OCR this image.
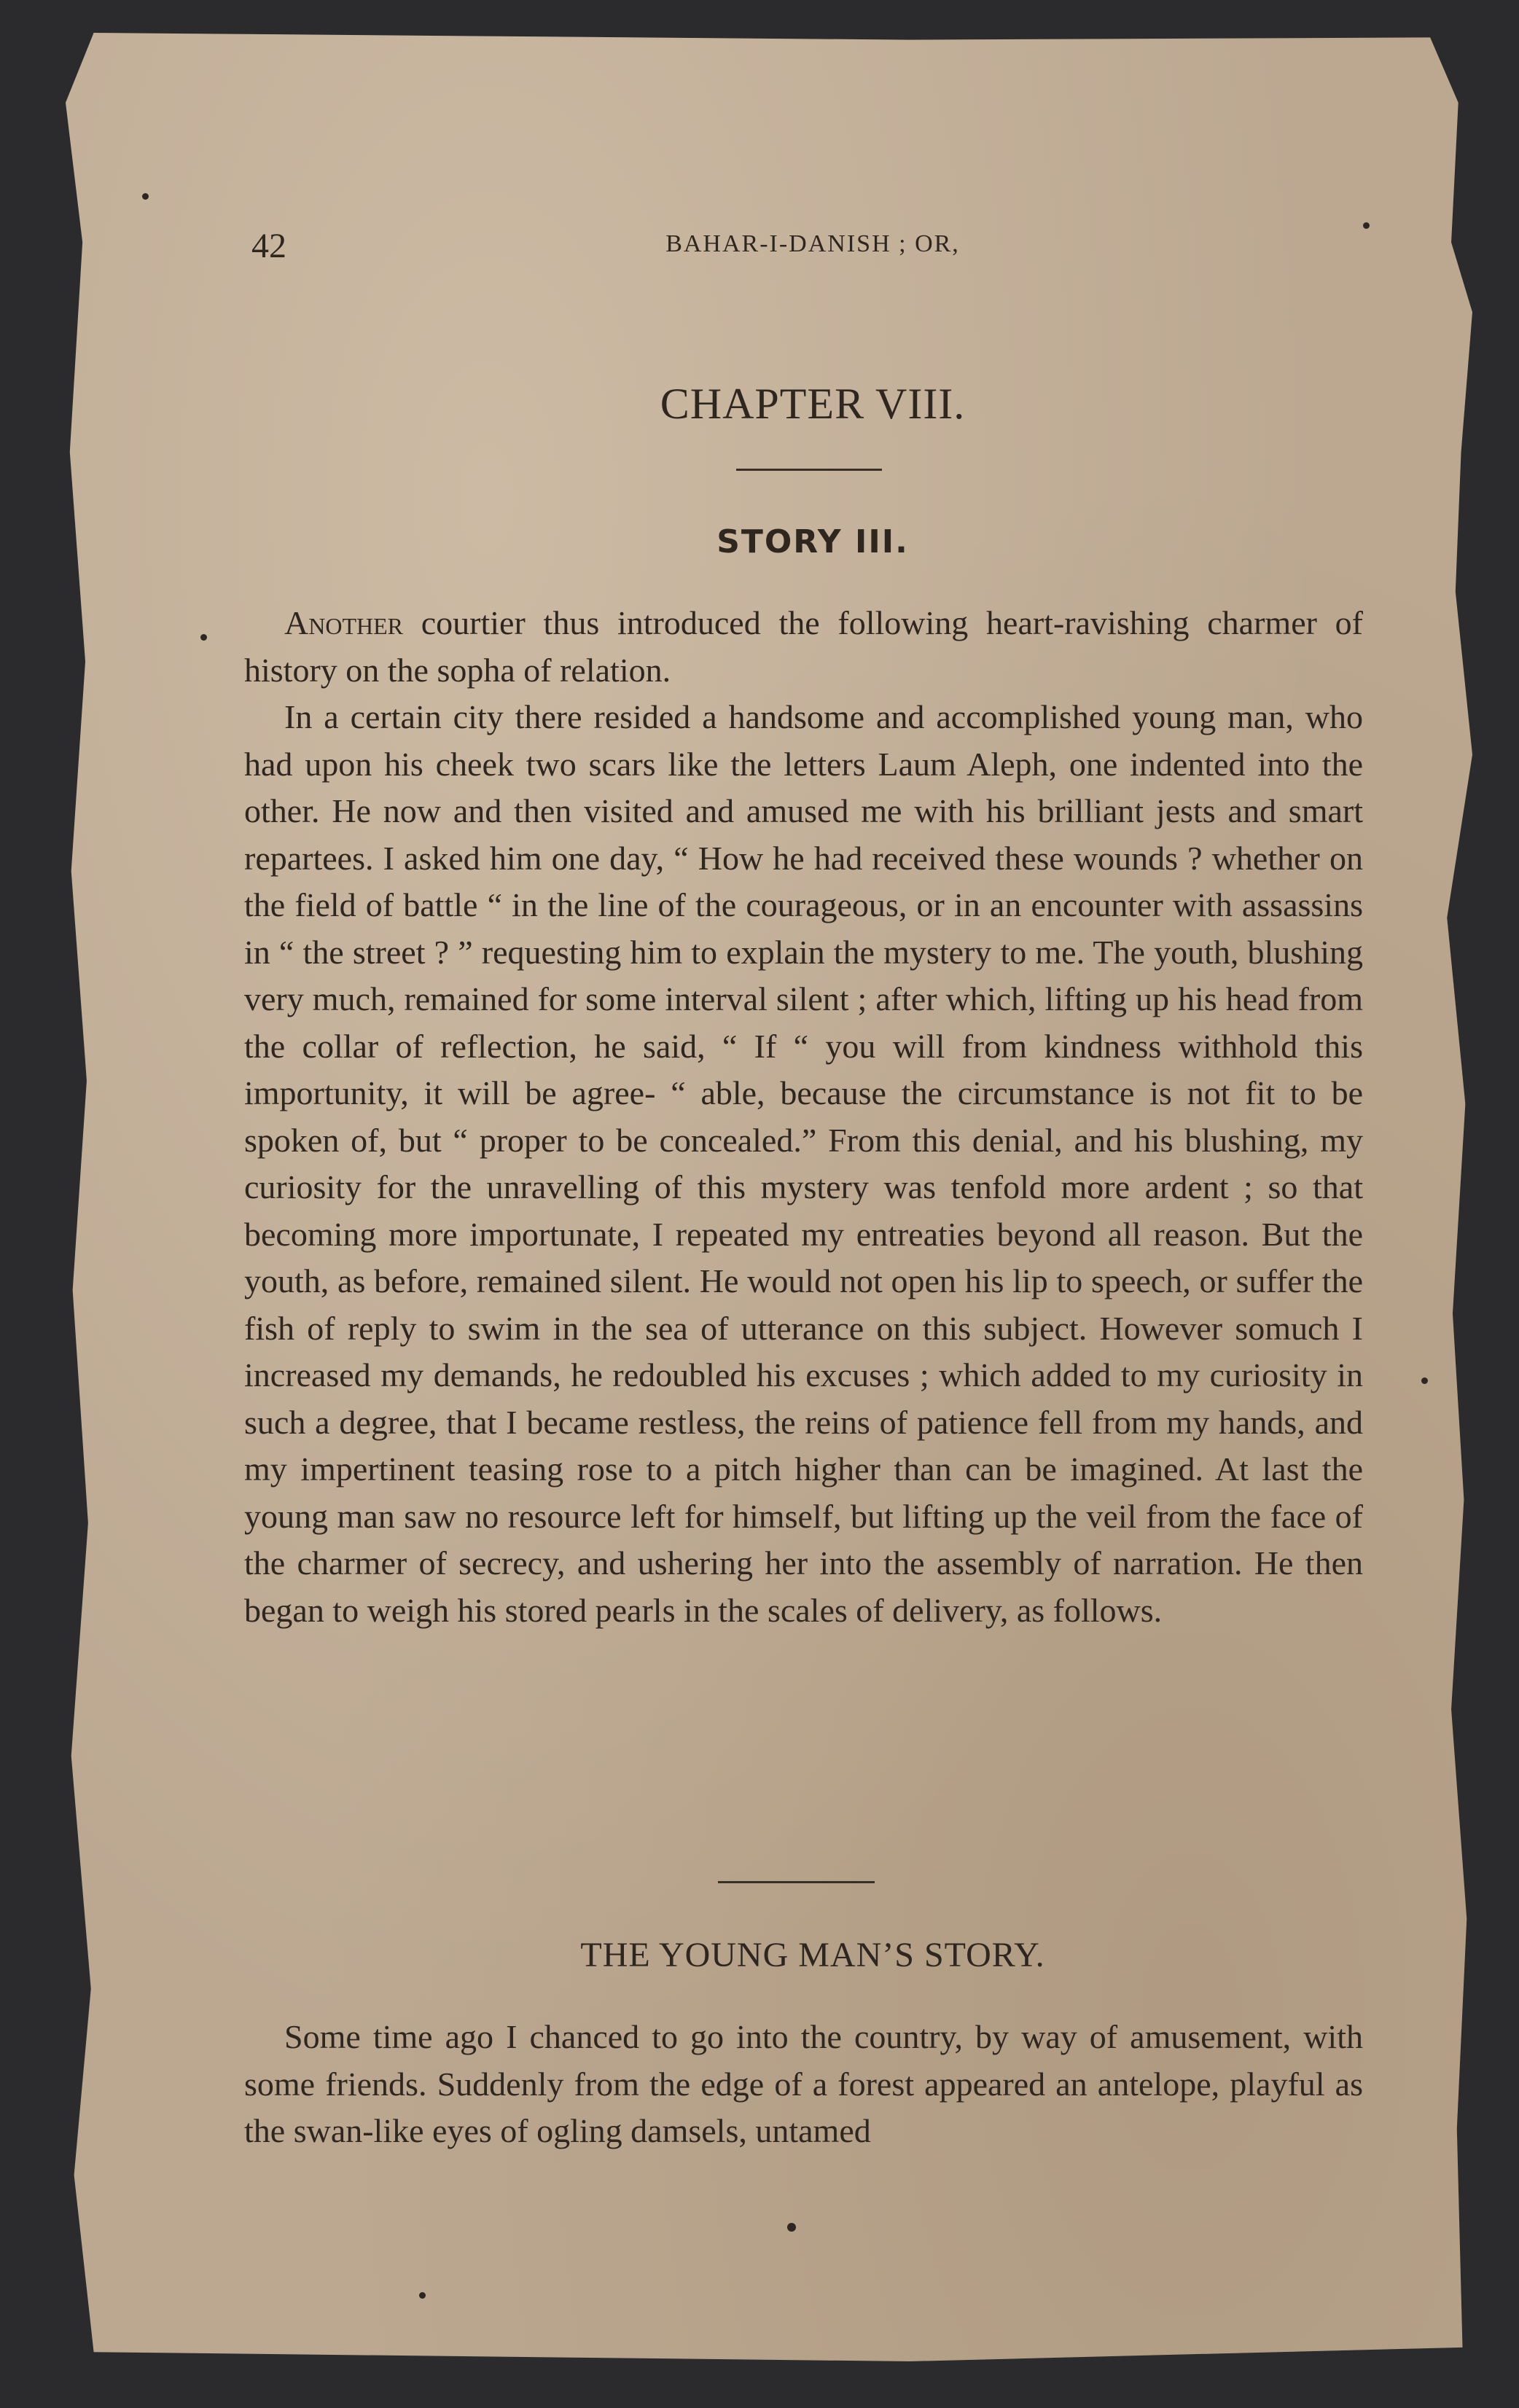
42	BAHAR-I-DANISH ; OR,
CHAPTER VIII.
STORY III.

Another courtier thus introduced the following heart-ravishing charmer of history on the sopha of relation.

In a certain city there resided a handsome and accomplished young man, who had upon his cheek two scars like the letters Laum Aleph, one indented into the other. He now and then visited and amused me with his brilliant jests and smart repartees. I asked him one day, “ How he had received these wounds ? whether on the field of battle “ in the line of the courageous, or in an encounter with assassins in “ the street ? ” requesting him to explain the mystery to me. The youth, blushing very much, remained for some interval silent ; after which, lifting up his head from the collar of reflection, he said, “ If “ you will from kindness withhold this importunity, it will be agree- “ able, because the circumstance is not fit to be spoken of, but “ proper to be concealed.” From this denial, and his blushing, my curiosity for the unravelling of this mystery was tenfold more ardent ; so that becoming more importunate, I repeated my entreaties beyond all reason. But the youth, as before, remained silent. He would not open his lip to speech, or suffer the fish of reply to swim in the sea of utterance on this subject. However somuch I increased my demands, he redoubled his excuses ; which added to my curiosity in such a degree, that I became restless, the reins of patience fell from my hands, and my impertinent teasing rose to a pitch higher than can be imagined. At last the young man saw no resource left for himself, but lifting up the veil from the face of the charmer of secrecy, and ushering her into the assembly of narration. He then began to weigh his stored pearls in the scales of delivery, as follows.

THE YOUNG MAN’S STORY.

Some time ago I chanced to go into the country, by way of amusement, with some friends. Suddenly from the edge of a forest appeared an antelope, playful as the swan-like eyes of ogling damsels, untamed
